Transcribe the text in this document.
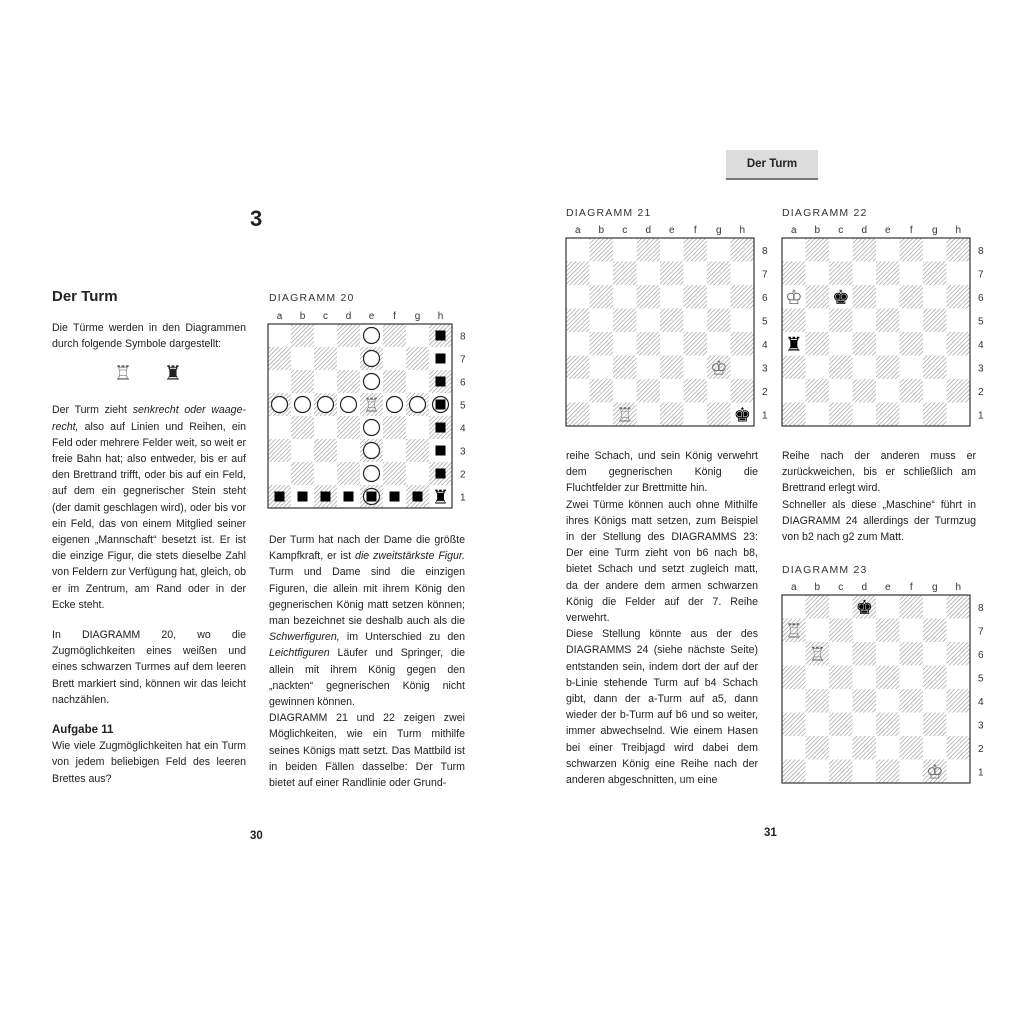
3
Der Turm

Die Türme werden in den Diagrammen durch folgende Symbole dargestellt:

♖ ♜

Der Turm zieht senkrecht oder waage-recht, also auf Linien und Reihen, ein Feld oder mehrere Felder weit, so weit er freie Bahn hat; also entweder, bis er auf den Brettrand trifft, oder bis auf ein Feld, auf dem ein gegnerischer Stein steht (der damit geschlagen wird), oder bis vor ein Feld, das von einem Mitglied seiner eigenen „Mannschaft“ besetzt ist. Er ist die einzige Figur, die stets dieselbe Zahl von Feldern zur Verfügung hat, gleich, ob er im Zentrum, am Rand oder in der Ecke steht.

In DIAGRAMM 20, wo die Zugmöglichkeiten eines weißen und eines schwarzen Turmes auf dem leeren Brett markiert sind, können wir das leicht nachzählen.

Aufgabe 11

Wie viele Zugmöglichkeiten hat ein Turm von jedem beliebigen Feld des leeren Brettes aus?

DIAGRAMM 20
a b c d e f g h
8
7
6
5
4
3
2
1
♖
♜

Der Turm hat nach der Dame die größte Kampfkraft, er ist die zweitstärkste Figur. Turm und Dame sind die einzigen Figuren, die allein mit ihrem König den gegnerischen König matt setzen können; man bezeichnet sie deshalb auch als die Schwerfiguren, im Unterschied zu den Leichtfiguren Läufer und Springer, die allein mit ihrem König gegen den „nackten“ gegnerischen König nicht gewinnen können.

DIAGRAMM 21 und 22 zeigen zwei Möglichkeiten, wie ein Turm mithilfe seines Königs matt setzt. Das Mattbild ist in beiden Fällen dasselbe: Der Turm bietet auf einer Randlinie oder Grund-

30
Der Turm
DIAGRAMM 21
a b c d e f g h
8
7
6
5
4
3
2
1
♔
♖	♚
DIAGRAMM 22
a b c d e f g h
8
7
6
5
4
3
2
1
♔ ♚
♜

reihe Schach, und sein König verwehrt dem gegnerischen König die Fluchtfelder zur Brettmitte hin.

Zwei Türme können auch ohne Mithilfe ihres Königs matt setzen, zum Beispiel in der Stellung des DIAGRAMMS 23: Der eine Turm zieht von b6 nach b8, bietet Schach und setzt zugleich matt, da der andere dem armen schwarzen König die Felder auf der 7. Reihe verwehrt.

Diese Stellung könnte aus der des DIAGRAMMS 24 (siehe nächste Seite) entstanden sein, indem dort der auf der b-Linie stehende Turm auf b4 Schach gibt, dann der a-Turm auf a5, dann wieder der b-Turm auf b6 und so weiter, immer abwechselnd. Wie einem Hasen bei einer Treibjagd wird dabei dem schwarzen König eine Reihe nach der anderen abgeschnitten, um eine

Reihe nach der anderen muss er zurückweichen, bis er schließlich am Brettrand erlegt wird.

Schneller als diese „Maschine“ führt in DIAGRAMM 24 allerdings der Turmzug von b2 nach g2 zum Matt.

DIAGRAMM 23
a b c d e f g h
8
7
6
5
4
3
2
1
♚
♖
♖
♔
31
